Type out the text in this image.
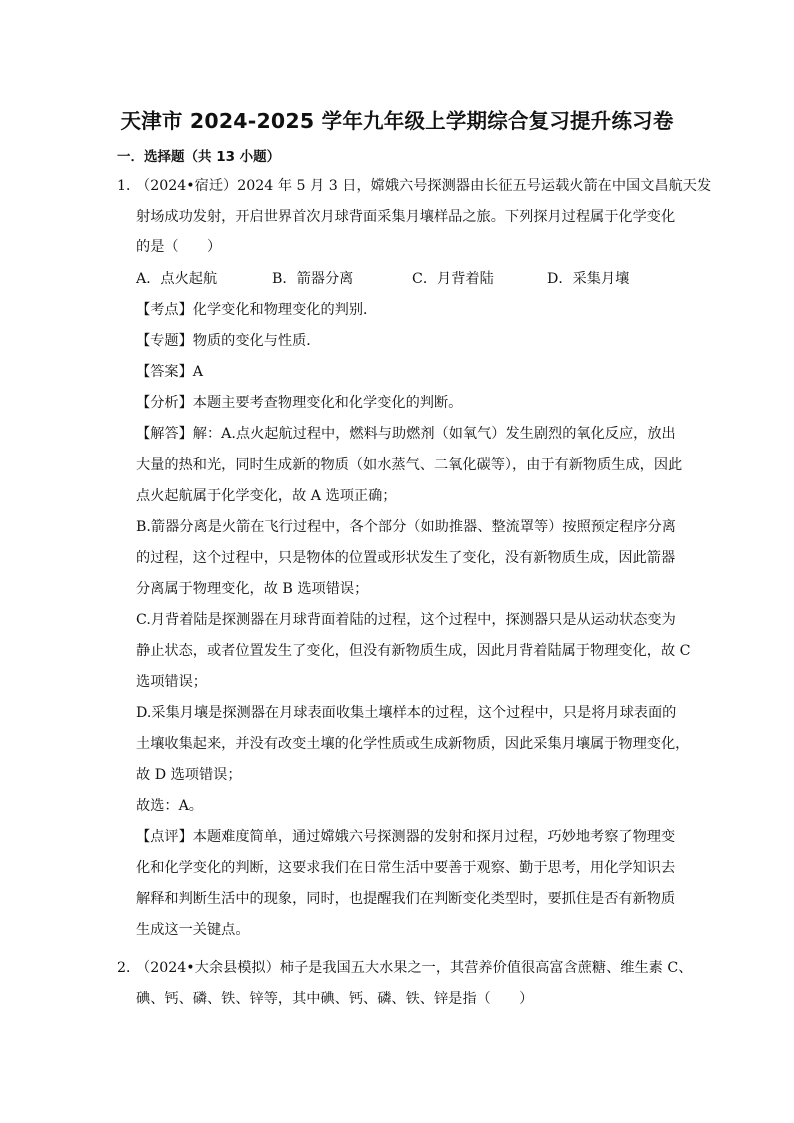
天津市 2024-2025 学年九年级上学期综合复习提升练习卷
一．选择题（共 13 小题）
1．
（2024•宿迁）2024 年 5 月 3 日，嫦娥六号探测器由长征五号运载火箭在中国文昌航天发
射场成功发射，开启世界首次月球背面采集月壤样品之旅。下列探月过程属于化学变化
的是（　　）
A．点火起航	B．箭器分离	C．月背着陆	D．采集月壤
【考点】化学变化和物理变化的判别．
【专题】物质的变化与性质．
【答案】A
【分析】本题主要考查物理变化和化学变化的判断。
【解答】解：A.点火起航过程中，燃料与助燃剂（如氧气）发生剧烈的氧化反应，放出
大量的热和光，同时生成新的物质（如水蒸气、二氧化碳等），由于有新物质生成，因此
点火起航属于化学变化，故 A 选项正确；
B.箭器分离是火箭在飞行过程中，各个部分（如助推器、整流罩等）按照预定程序分离
的过程，这个过程中，只是物体的位置或形状发生了变化，没有新物质生成，因此箭器
分离属于物理变化，故 B 选项错误；
C.月背着陆是探测器在月球背面着陆的过程，这个过程中，探测器只是从运动状态变为
静止状态，或者位置发生了变化，但没有新物质生成，因此月背着陆属于物理变化，故 C
选项错误；
D.采集月壤是探测器在月球表面收集土壤样本的过程，这个过程中，只是将月球表面的
土壤收集起来，并没有改变土壤的化学性质或生成新物质，因此采集月壤属于物理变化，
故 D 选项错误；
故选：A。
【点评】本题难度简单，通过嫦娥六号探测器的发射和探月过程，巧妙地考察了物理变
化和化学变化的判断，这要求我们在日常生活中要善于观察、勤于思考，用化学知识去
解释和判断生活中的现象，同时，也提醒我们在判断变化类型时，要抓住是否有新物质
生成这一关键点。
2．
（2024•大余县模拟）柿子是我国五大水果之一，其营养价值很高富含蔗糖、维生素 C、
碘、钙、磷、铁、锌等，其中碘、钙、磷、铁、锌是指（　　）
